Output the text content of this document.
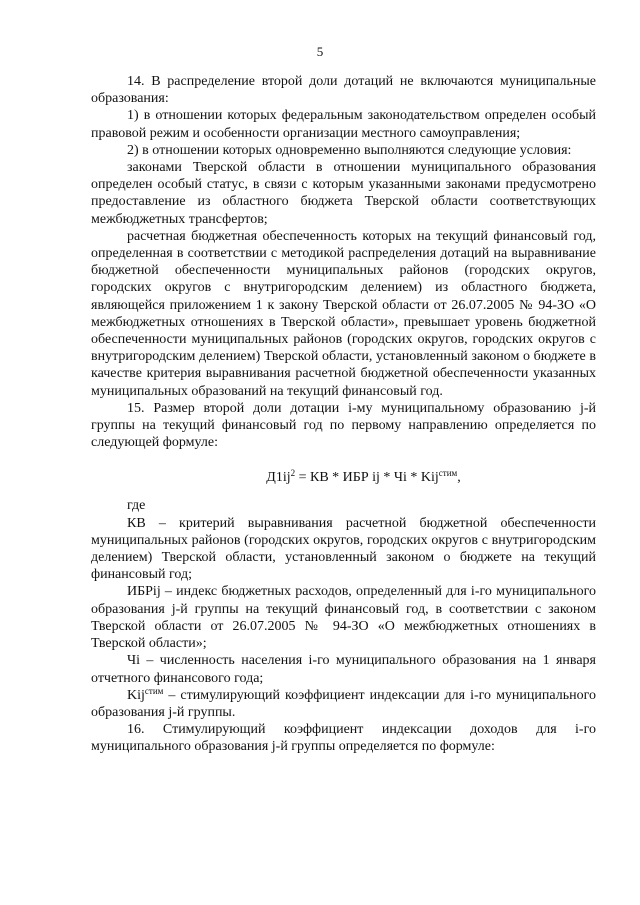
5

14. В распределение второй доли дотаций не включаются муниципальные образования:

1) в отношении которых федеральным законодательством определен особый правовой режим и особенности организации местного самоуправления;

2) в отношении которых одновременно выполняются следующие условия:

законами Тверской области в отношении муниципального образования определен особый статус, в связи с которым указанными законами предусмотрено предоставление из областного бюджета Тверской области соответствующих межбюджетных трансфертов;

расчетная бюджетная обеспеченность которых на текущий финансовый год, определенная в соответствии с методикой распределения дотаций на выравнивание бюджетной обеспеченности муниципальных районов (городских округов, городских округов с внутригородским делением) из областного бюджета, являющейся приложением 1 к закону Тверской области от 26.07.2005 № 94-ЗО «О межбюджетных отношениях в Тверской области», превышает уровень бюджетной обеспеченности муниципальных районов (городских округов, городских округов с внутригородским делением) Тверской области, установленный законом о бюджете в качестве критерия выравнивания расчетной бюджетной обеспеченности указанных муниципальных образований на текущий финансовый год.

15. Размер второй доли дотации i-му муниципальному образованию j-й группы на текущий финансовый год по первому направлению определяется по следующей формуле:

$Д1ij^2$ = КВ * ИБР ij * Чi * Kij$^{стим}$,

где

КВ – критерий выравнивания расчетной бюджетной обеспеченности муниципальных районов (городских округов, городских округов с внутригородским делением) Тверской области, установленный законом о бюджете на текущий финансовый год;

ИБРij – индекс бюджетных расходов, определенный для i-го муниципального образования j-й группы на текущий финансовый год, в соответствии с законом Тверской области от 26.07.2005 № 94-ЗО «О межбюджетных отношениях в Тверской области»;

Чi – численность населения i-го муниципального образования на 1 января отчетного финансового года;

Kij$^{стим}$ – стимулирующий коэффициент индексации для i-го муниципального образования j-й группы.

16. Стимулирующий коэффициент индексации доходов для i-го муниципального образования j-й группы определяется по формуле:
